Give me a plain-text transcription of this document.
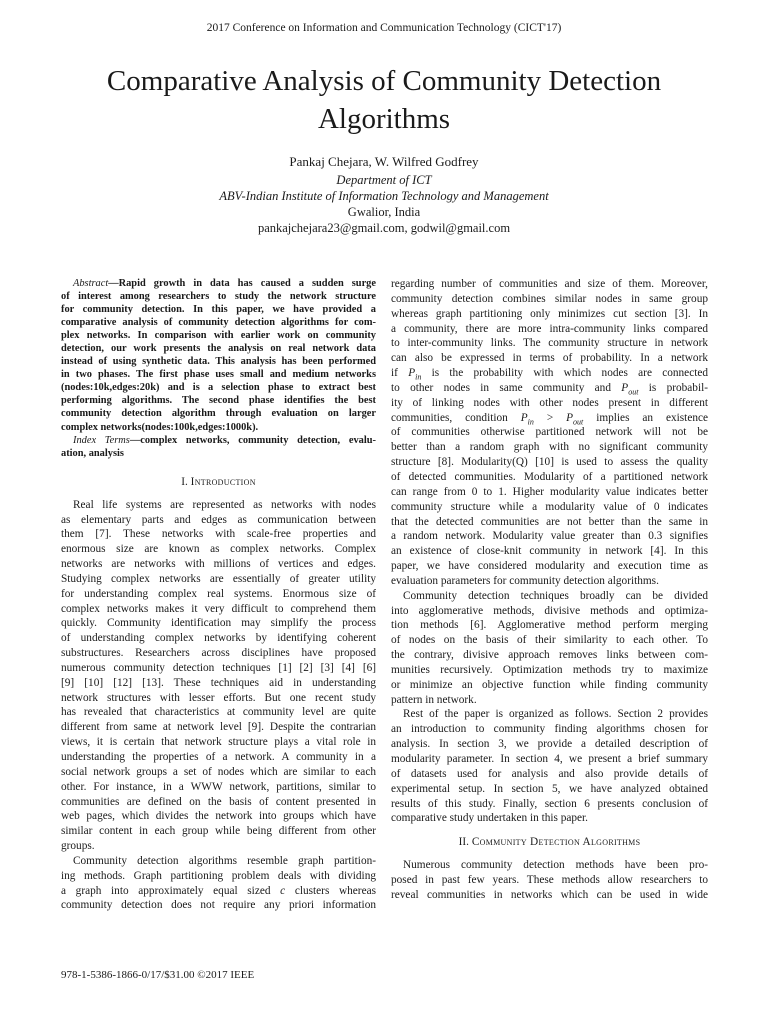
2017 Conference on Information and Communication Technology (CICT'17)
Comparative Analysis of Community Detection
Algorithms
Pankaj Chejara, W. Wilfred Godfrey
Department of ICT
ABV-Indian Institute of Information Technology and Management
Gwalior, India
pankajchejara23@gmail.com, godwil@gmail.com
Abstract—Rapid growth in data has caused a sudden surge
of interest among researchers to study the network structure
for community detection. In this paper, we have provided a
comparative analysis of community detection algorithms for com-
plex networks. In comparison with earlier work on community
detection, our work presents the analysis on real network data
instead of using synthetic data. This analysis has been performed
in two phases. The first phase uses small and medium networks
(nodes:10k,edges:20k) and is a selection phase to extract best
performing algorithms. The second phase identifies the best
community detection algorithm through evaluation on larger
complex networks(nodes:100k,edges:1000k).
Index Terms—complex networks, community detection, evalu-
ation, analysis
I. Introduction
Real life systems are represented as networks with nodes
as elementary parts and edges as communication between
them [7]. These networks with scale-free properties and
enormous size are known as complex networks. Complex
networks are networks with millions of vertices and edges.
Studying complex networks are essentially of greater utility
for understanding complex real systems. Enormous size of
complex networks makes it very difficult to comprehend them
quickly. Community identification may simplify the process
of understanding complex networks by identifying coherent
substructures. Researchers across disciplines have proposed
numerous community detection techniques [1] [2] [3] [4] [6]
[9] [10] [12] [13]. These techniques aid in understanding
network structures with lesser efforts. But one recent study
has revealed that characteristics at community level are quite
different from same at network level [9]. Despite the contrarian
views, it is certain that network structure plays a vital role in
understanding the properties of a network. A community in a
social network groups a set of nodes which are similar to each
other. For instance, in a WWW network, partitions, similar to
communities are defined on the basis of content presented in
web pages, which divides the network into groups which have
similar content in each group while being different from other
groups.
Community detection algorithms resemble graph partition-
ing methods. Graph partitioning problem deals with dividing
a graph into approximately equal sized c clusters whereas
community detection does not require any priori information
regarding number of communities and size of them. Moreover,
community detection combines similar nodes in same group
whereas graph partitioning only minimizes cut section [3]. In
a community, there are more intra-community links compared
to inter-community links. The community structure in network
can also be expressed in terms of probability. In a network
if $P_{in}$ is the probability with which nodes are connected
to other nodes in same community and $P_{out}$ is probabil-
ity of linking nodes with other nodes present in different
communities, condition $P_{in} > P_{out}$ implies an existence
of communities otherwise partitioned network will not be
better than a random graph with no significant community
structure [8]. Modularity(Q) [10] is used to assess the quality
of detected communities. Modularity of a partitioned network
can range from 0 to 1. Higher modularity value indicates better
community structure while a modularity value of 0 indicates
that the detected communities are not better than the same in
a random network. Modularity value greater than 0.3 signifies
an existence of close-knit community in network [4]. In this
paper, we have considered modularity and execution time as
evaluation parameters for community detection algorithms.
Community detection techniques broadly can be divided
into agglomerative methods, divisive methods and optimiza-
tion methods [6]. Agglomerative method perform merging
of nodes on the basis of their similarity to each other. To
the contrary, divisive approach removes links between com-
munities recursively. Optimization methods try to maximize
or minimize an objective function while finding community
pattern in network.
Rest of the paper is organized as follows. Section 2 provides
an introduction to community finding algorithms chosen for
analysis. In section 3, we provide a detailed description of
modularity parameter. In section 4, we present a brief summary
of datasets used for analysis and also provide details of
experimental setup. In section 5, we have analyzed obtained
results of this study. Finally, section 6 presents conclusion of
comparative study undertaken in this paper.
II. Community Detection Algorithms
Numerous community detection methods have been pro-
posed in past few years. These methods allow researchers to
reveal communities in networks which can be used in wide
978-1-5386-1866-0/17/$31.00 ©2017 IEEE
